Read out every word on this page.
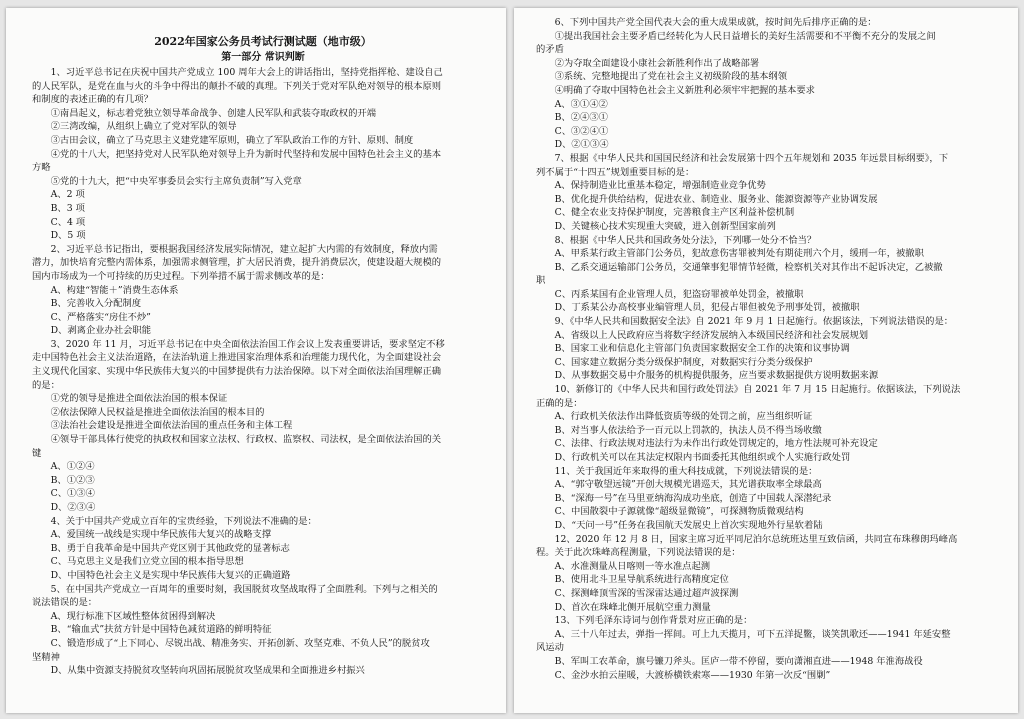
2022年国家公务员考试行测试题（地市级）
第一部分 常识判断
　　1、习近平总书记在庆祝中国共产党成立 100 周年大会上的讲话指出，坚持党指挥枪、建设自己
的人民军队，是党在血与火的斗争中得出的颠扑不破的真理。下列关于党对军队绝对领导的根本原则
和制度的表述正确的有几项？
　　①南昌起义，标志着党独立领导革命战争、创建人民军队和武装夺取政权的开端
　　②三湾改编，从组织上确立了党对军队的领导
　　③古田会议，确立了马克思主义建党建军原则，确立了军队政治工作的方针、原则、制度
　　④党的十八大，把坚持党对人民军队绝对领导上升为新时代坚持和发展中国特色社会主义的基本
方略
　　⑤党的十九大，把“中央军事委员会实行主席负责制”写入党章
　　A、2 项
　　B、3 项
　　C、4 项
　　D、5 项
　　2、习近平总书记指出，要根据我国经济发展实际情况，建立起扩大内需的有效制度，释放内需
潜力，加快培育完整内需体系，加强需求侧管理，扩大居民消费，提升消费层次，使建设超大规模的
国内市场成为一个可持续的历史过程。下列举措不属于需求侧改革的是：
　　A、构建“智能＋”消费生态体系
　　B、完善收入分配制度
　　C、严格落实“房住不炒”
　　D、剥离企业办社会职能
　　3、2020 年 11 月，习近平总书记在中央全面依法治国工作会议上发表重要讲话，要求坚定不移
走中国特色社会主义法治道路，在法治轨道上推进国家治理体系和治理能力现代化，为全面建设社会
主义现代化国家、实现中华民族伟大复兴的中国梦提供有力法治保障。以下对全面依法治国理解正确
的是：
　　①党的领导是推进全面依法治国的根本保证
　　②依法保障人民权益是推进全面依法治国的根本目的
　　③法治社会建设是推进全面依法治国的重点任务和主体工程
　　④领导干部具体行使党的执政权和国家立法权、行政权、监察权、司法权，是全面依法治国的关
键
　　A、①②④
　　B、①②③
　　C、①③④
　　D、②③④
　　4、关于中国共产党成立百年的宝贵经验，下列说法不准确的是：
　　A、爱国统一战线是实现中华民族伟大复兴的战略支撑
　　B、勇于自我革命是中国共产党区别于其他政党的显著标志
　　C、马克思主义是我们立党立国的根本指导思想
　　D、中国特色社会主义是实现中华民族伟大复兴的正确道路
　　5、在中国共产党成立一百周年的重要时刻，我国脱贫攻坚战取得了全面胜利。下列与之相关的
说法错误的是：
　　A、现行标准下区域性整体贫困得到解决
　　B、“输血式”扶贫方针是中国特色减贫道路的鲜明特征
　　C、锻造形成了“上下同心、尽锐出战、精准务实、开拓创新、攻坚克难、不负人民”的脱贫攻
坚精神
　　D、从集中资源支持脱贫攻坚转向巩固拓展脱贫攻坚成果和全面推进乡村振兴
　　6、下列中国共产党全国代表大会的重大成果成就，按时间先后排序正确的是：
　　①提出我国社会主要矛盾已经转化为人民日益增长的美好生活需要和不平衡不充分的发展之间
的矛盾
　　②为夺取全面建设小康社会新胜利作出了战略部署
　　③系统、完整地提出了党在社会主义初级阶段的基本纲领
　　④明确了夺取中国特色社会主义新胜利必须牢牢把握的基本要求
　　A、③①④②
　　B、②④③①
　　C、③②④①
　　D、②①③④
　　7、根据《中华人民共和国国民经济和社会发展第十四个五年规划和 2035 年远景目标纲要》，下
列不属于“十四五”规划重要目标的是：
　　A、保持制造业比重基本稳定，增强制造业竞争优势
　　B、优化提升供给结构，促进农业、制造业、服务业、能源资源等产业协调发展
　　C、健全农业支持保护制度，完善粮食主产区利益补偿机制
　　D、关键核心技术实现重大突破，进入创新型国家前列
　　8、根据《中华人民共和国政务处分法》，下列哪一处分不恰当？
　　A、甲系某行政主管部门公务员，犯故意伤害罪被判处有期徒刑六个月，缓刑一年，被撤职
　　B、乙系交通运输部门公务员，交通肇事犯罪情节轻微，检察机关对其作出不起诉决定，乙被撤
职
　　C、丙系某国有企业管理人员，犯盗窃罪被单处罚金，被撤职
　　D、丁系某公办高校事业编管理人员，犯侵占罪但被免予刑事处罚，被撤职
　　9、《中华人民共和国数据安全法》自 2021 年 9 月 1 日起施行。依据该法，下列说法错误的是：
　　A、省级以上人民政府应当将数字经济发展纳入本级国民经济和社会发展规划
　　B、国家工业和信息化主管部门负责国家数据安全工作的决策和议事协调
　　C、国家建立数据分类分级保护制度，对数据实行分类分级保护
　　D、从事数据交易中介服务的机构提供服务，应当要求数据提供方说明数据来源
　　10、新修订的《中华人民共和国行政处罚法》自 2021 年 7 月 15 日起施行。依据该法，下列说法
正确的是：
　　A、行政机关依法作出降低资质等级的处罚之前，应当组织听证
　　B、对当事人依法给予一百元以上罚款的，执法人员不得当场收缴
　　C、法律、行政法规对违法行为未作出行政处罚规定的，地方性法规可补充设定
　　D、行政机关可以在其法定权限内书面委托其他组织或个人实施行政处罚
　　11、关于我国近年来取得的重大科技成就，下列说法错误的是：
　　A、“郭守敬望远镜”开创大规模光谱巡天，其光谱获取率全球最高
　　B、“深海一号”在马里亚纳海沟成功坐底，创造了中国载人深潜纪录
　　C、中国散裂中子源就像“超级显微镜”，可探测物质微观结构
　　D、“天问一号”任务在我国航天发展史上首次实现地外行星软着陆
　　12、2020 年 12 月 8 日，国家主席习近平同尼泊尔总统班达里互致信函，共同宣布珠穆朗玛峰高
程。关于此次珠峰高程测量，下列说法错误的是：
　　A、水准测量从日喀则一等水准点起测
　　B、使用北斗卫星导航系统进行高精度定位
　　C、探测峰顶雪深的雪深雷达通过超声波探测
　　D、首次在珠峰北侧开展航空重力测量
　　13、下列毛泽东诗词与创作背景对应正确的是：
　　A、三十八年过去，弹指一挥间。可上九天揽月，可下五洋捉鳖，谈笑凯歌还——1941 年延安整
风运动
　　B、军叫工农革命，旗号镰刀斧头。匡庐一带不停留，要向潇湘直进——1948 年淮海战役
　　C、金沙水拍云崖暖，大渡桥横铁索寒——1930 年第一次反“围剿”
